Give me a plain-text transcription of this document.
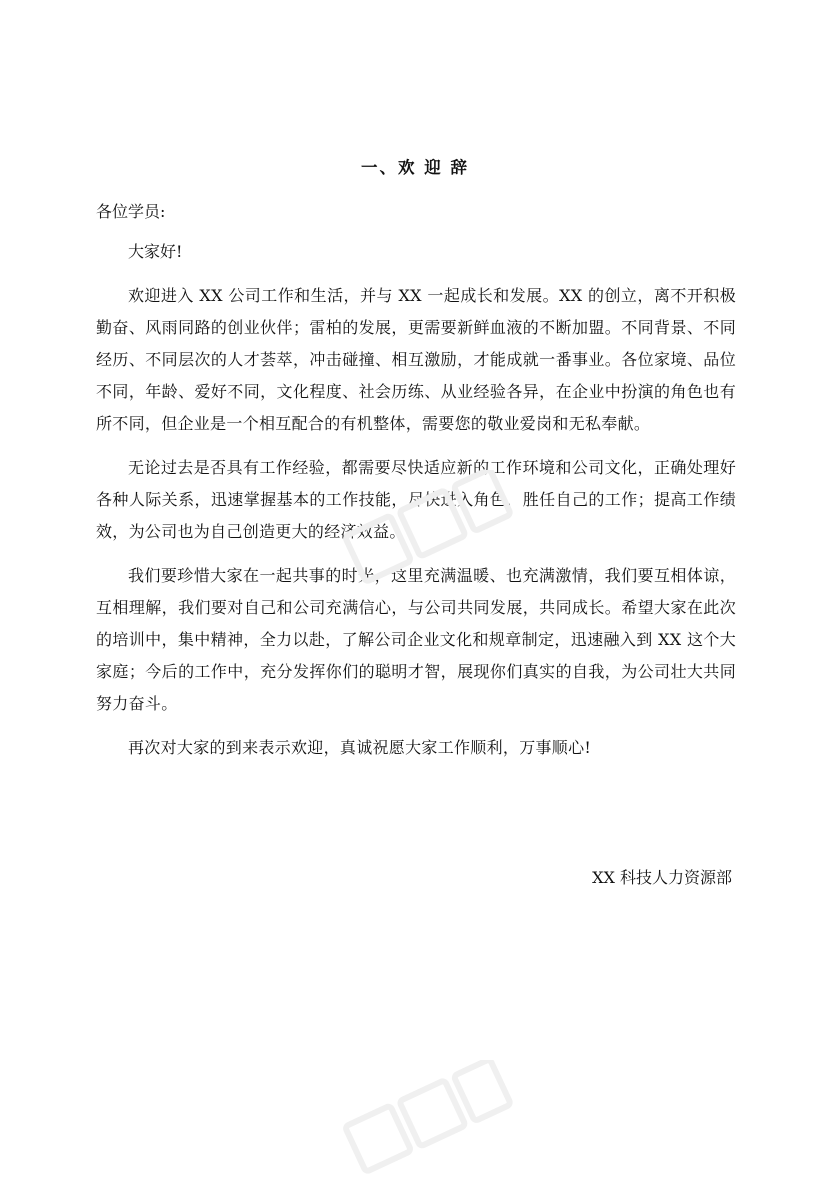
一、欢 迎 辞

各位学员:

大家好!

欢迎进入 XX 公司工作和生活，并与 XX 一起成长和发展。XX 的创立，离不开积极勤奋、风雨同路的创业伙伴；雷柏的发展，更需要新鲜血液的不断加盟。不同背景、不同经历、不同层次的人才荟萃，冲击碰撞、相互激励，才能成就一番事业。各位家境、品位不同，年龄、爱好不同，文化程度、社会历练、从业经验各异，在企业中扮演的角色也有所不同，但企业是一个相互配合的有机整体，需要您的敬业爱岗和无私奉献。

无论过去是否具有工作经验，都需要尽快适应新的工作环境和公司文化，正确处理好各种人际关系，迅速掌握基本的工作技能，尽快进入角色，胜任自己的工作；提高工作绩效，为公司也为自己创造更大的经济效益。

我们要珍惜大家在一起共事的时光，这里充满温暖、也充满激情，我们要互相体谅，互相理解，我们要对自己和公司充满信心，与公司共同发展，共同成长。希望大家在此次的培训中，集中精神，全力以赴，了解公司企业文化和规章制定，迅速融入到 XX 这个大家庭；今后的工作中，充分发挥你们的聪明才智，展现你们真实的自我，为公司壮大共同努力奋斗。

再次对大家的到来表示欢迎，真诚祝愿大家工作顺利，万事顺心!

XX 科技人力资源部
